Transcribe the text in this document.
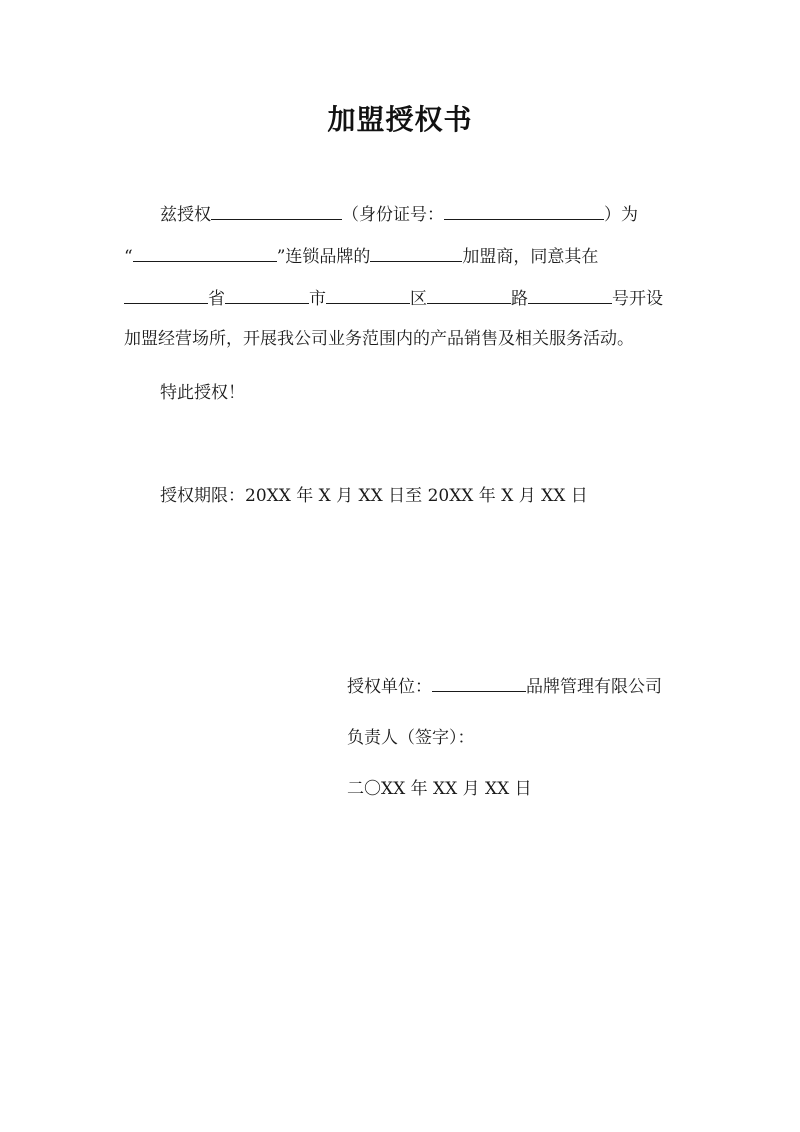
加盟授权书
兹授权	（身份证号：	）为
“	”连锁品牌的	加盟商，同意其在
省	市	区	路	号开设
加盟经营场所，开展我公司业务范围内的产品销售及相关服务活动。
特此授权！
授权期限：20XX 年 X 月 XX 日至 20XX 年 X 月 XX 日
授权单位：	品牌管理有限公司
负责人（签字）：
二〇XX 年 XX 月 XX 日
